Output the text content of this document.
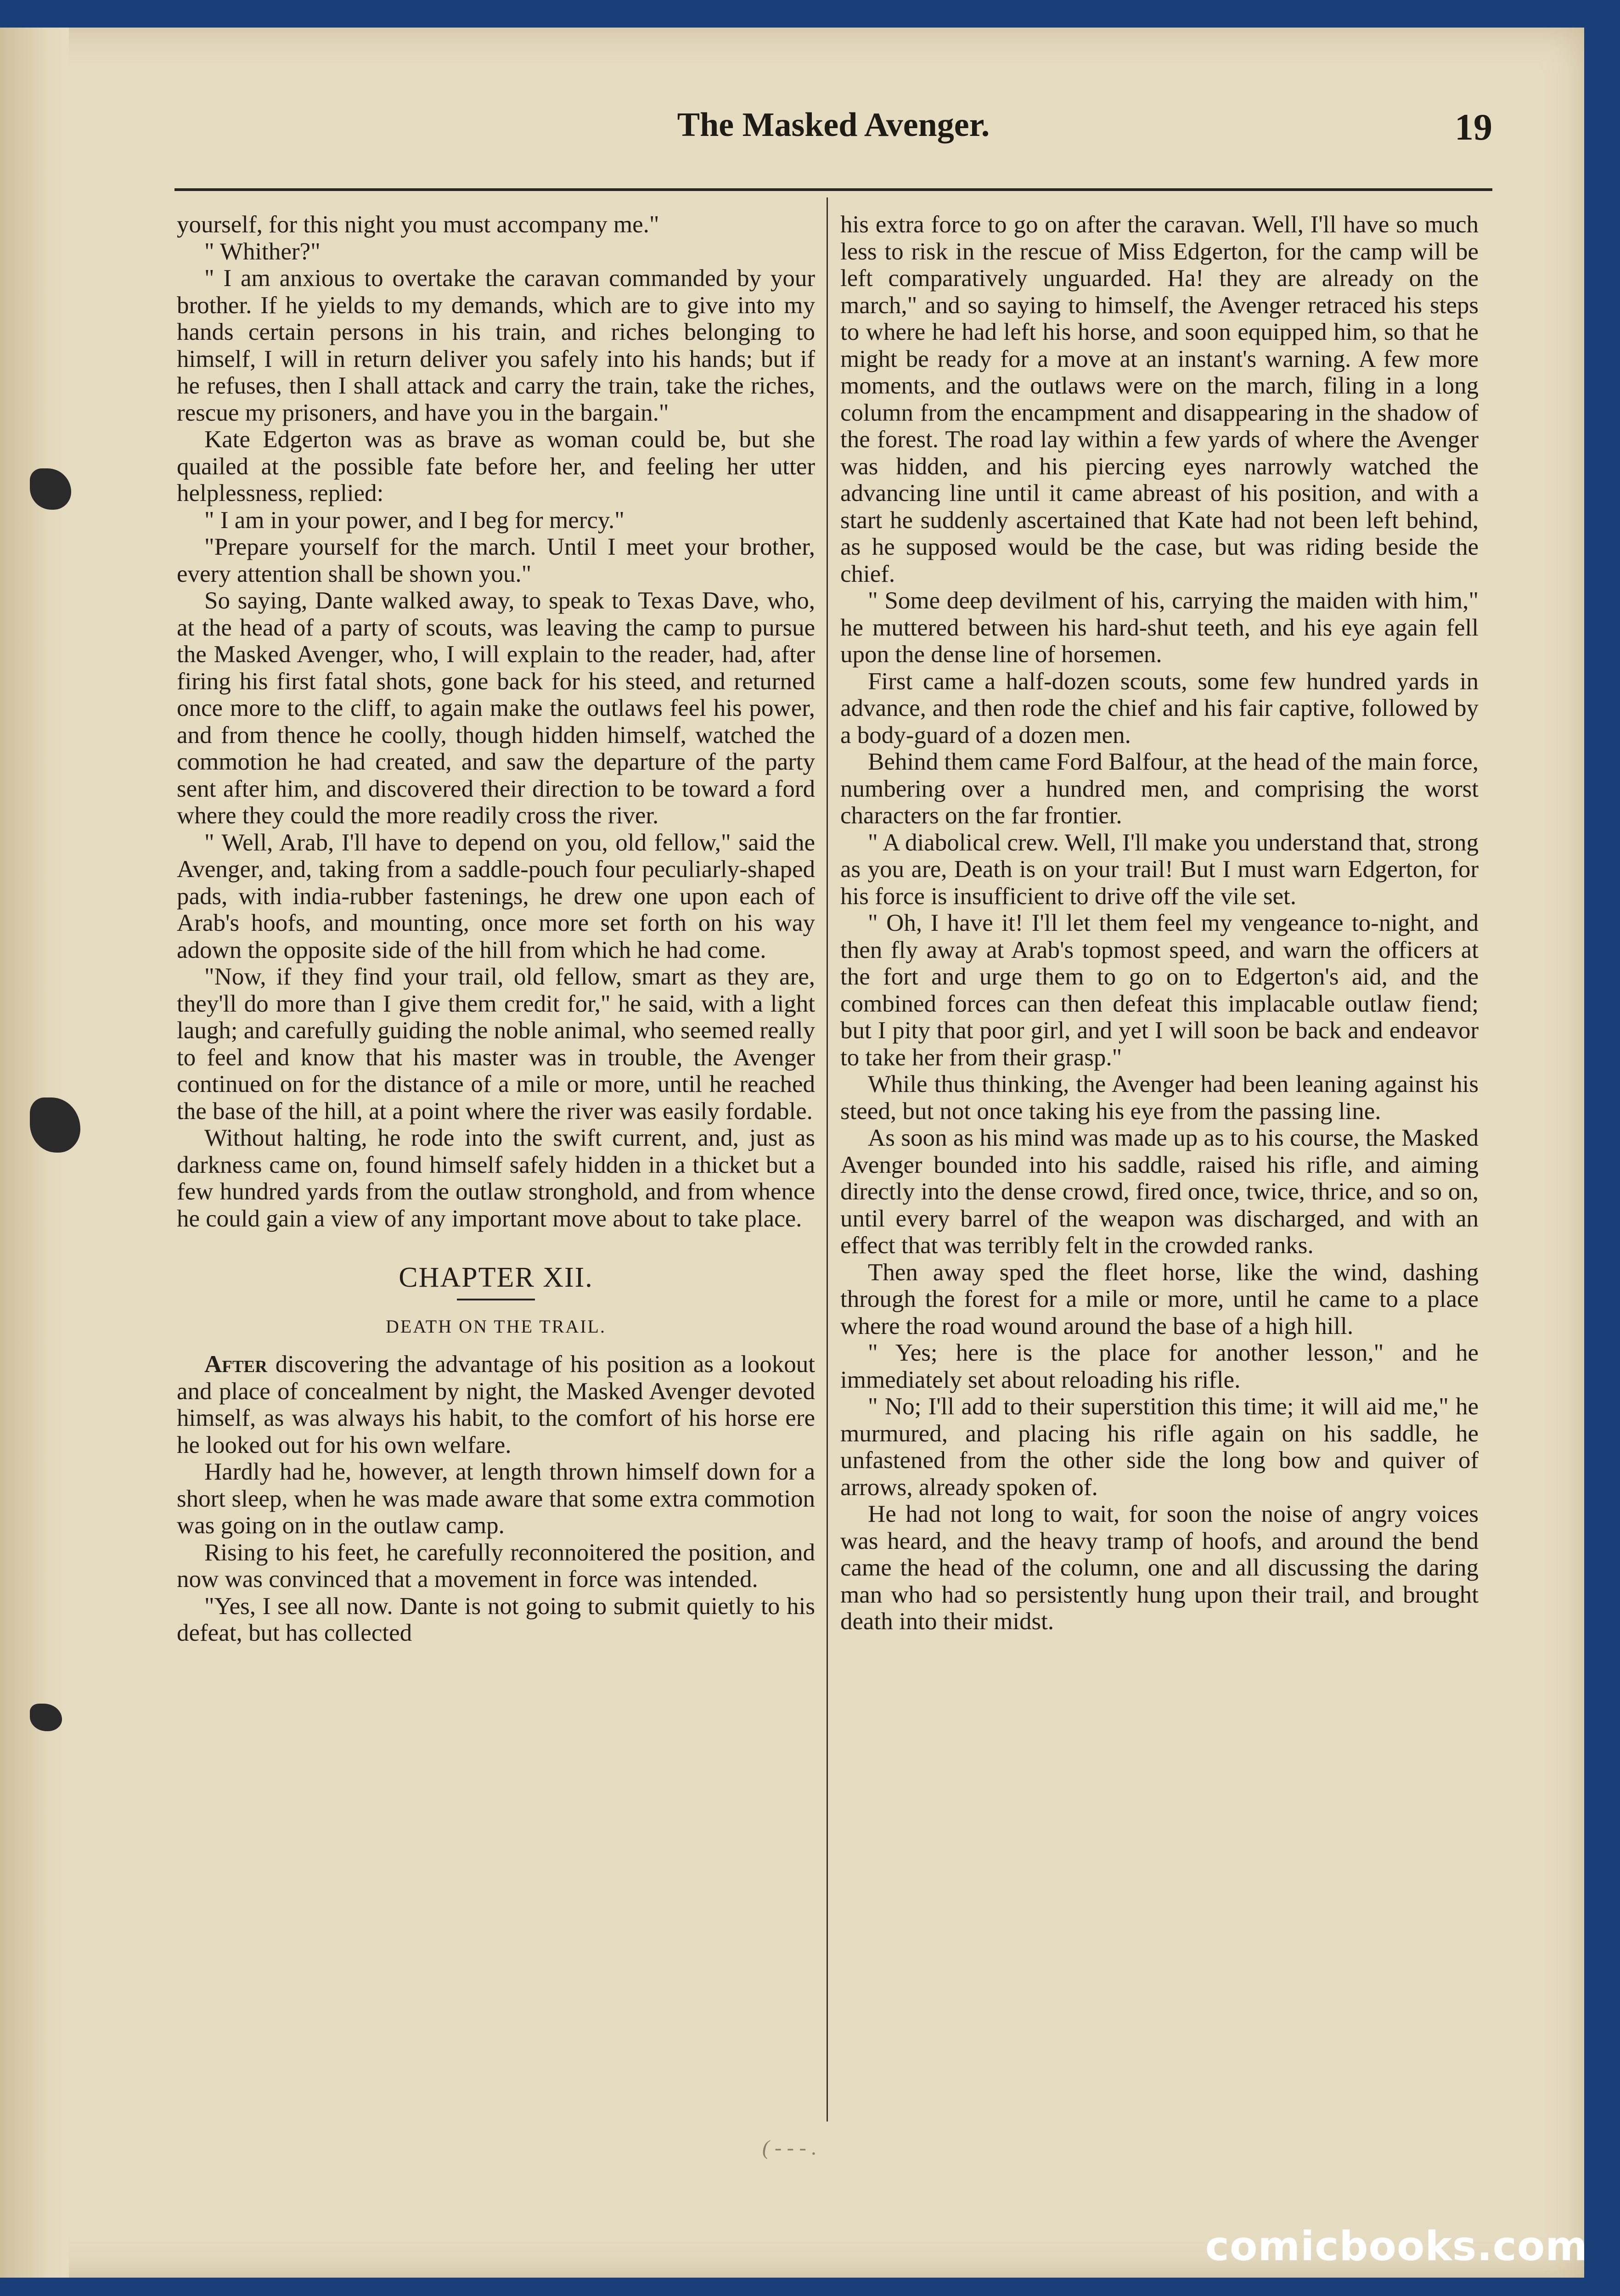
The Masked Avenger.	19

yourself, for this night you must accompany me."

" Whither?"

" I am anxious to overtake the caravan commanded by your brother. If he yields to my demands, which are to give into my hands certain persons in his train, and riches belonging to himself, I will in return deliver you safely into his hands; but if he refuses, then I shall attack and carry the train, take the riches, rescue my prisoners, and have you in the bargain."

Kate Edgerton was as brave as woman could be, but she quailed at the possible fate before her, and feeling her utter helplessness, replied:

" I am in your power, and I beg for mercy."

"Prepare yourself for the march. Until I meet your brother, every attention shall be shown you."

So saying, Dante walked away, to speak to Texas Dave, who, at the head of a party of scouts, was leaving the camp to pursue the Masked Avenger, who, I will explain to the reader, had, after firing his first fatal shots, gone back for his steed, and returned once more to the cliff, to again make the outlaws feel his power, and from thence he coolly, though hidden himself, watched the commotion he had created, and saw the departure of the party sent after him, and discovered their direction to be toward a ford where they could the more readily cross the river.

" Well, Arab, I'll have to depend on you, old fellow," said the Avenger, and, taking from a saddle-pouch four peculiarly-shaped pads, with india-rubber fastenings, he drew one upon each of Arab's hoofs, and mounting, once more set forth on his way adown the opposite side of the hill from which he had come.

"Now, if they find your trail, old fellow, smart as they are, they'll do more than I give them credit for," he said, with a light laugh; and carefully guiding the noble animal, who seemed really to feel and know that his master was in trouble, the Avenger continued on for the distance of a mile or more, until he reached the base of the hill, at a point where the river was easily fordable.

Without halting, he rode into the swift current, and, just as darkness came on, found himself safely hidden in a thicket but a few hundred yards from the outlaw stronghold, and from whence he could gain a view of any important move about to take place.

CHAPTER XII.
DEATH ON THE TRAIL.

After discovering the advantage of his position as a lookout and place of concealment by night, the Masked Avenger devoted himself, as was always his habit, to the comfort of his horse ere he looked out for his own welfare.

Hardly had he, however, at length thrown himself down for a short sleep, when he was made aware that some extra commotion was going on in the outlaw camp.

Rising to his feet, he carefully reconnoitered the position, and now was convinced that a movement in force was intended.

"Yes, I see all now. Dante is not going to submit quietly to his defeat, but has collected

his extra force to go on after the caravan. Well, I'll have so much less to risk in the rescue of Miss Edgerton, for the camp will be left comparatively unguarded. Ha! they are already on the march," and so saying to himself, the Avenger retraced his steps to where he had left his horse, and soon equipped him, so that he might be ready for a move at an instant's warning. A few more moments, and the outlaws were on the march, filing in a long column from the encampment and disappearing in the shadow of the forest. The road lay within a few yards of where the Avenger was hidden, and his piercing eyes narrowly watched the advancing line until it came abreast of his position, and with a start he suddenly ascertained that Kate had not been left behind, as he supposed would be the case, but was riding beside the chief.

" Some deep devilment of his, carrying the maiden with him," he muttered between his hard-shut teeth, and his eye again fell upon the dense line of horsemen.

First came a half-dozen scouts, some few hundred yards in advance, and then rode the chief and his fair captive, followed by a body-guard of a dozen men.

Behind them came Ford Balfour, at the head of the main force, numbering over a hundred men, and comprising the worst characters on the far frontier.

" A diabolical crew. Well, I'll make you understand that, strong as you are, Death is on your trail! But I must warn Edgerton, for his force is insufficient to drive off the vile set.

" Oh, I have it! I'll let them feel my vengeance to-night, and then fly away at Arab's topmost speed, and warn the officers at the fort and urge them to go on to Edgerton's aid, and the combined forces can then defeat this implacable outlaw fiend; but I pity that poor girl, and yet I will soon be back and endeavor to take her from their grasp."

While thus thinking, the Avenger had been leaning against his steed, but not once taking his eye from the passing line.

As soon as his mind was made up as to his course, the Masked Avenger bounded into his saddle, raised his rifle, and aiming directly into the dense crowd, fired once, twice, thrice, and so on, until every barrel of the weapon was discharged, and with an effect that was terribly felt in the crowded ranks.

Then away sped the fleet horse, like the wind, dashing through the forest for a mile or more, until he came to a place where the road wound around the base of a high hill.

" Yes; here is the place for another lesson," and he immediately set about reloading his rifle.

" No; I'll add to their superstition this time; it will aid me," he murmured, and placing his rifle again on his saddle, he unfastened from the other side the long bow and quiver of arrows, already spoken of.

He had not long to wait, for soon the noise of angry voices was heard, and the heavy tramp of hoofs, and around the bend came the head of the column, one and all discussing the daring man who had so persistently hung upon their trail, and brought death into their midst.

( - - - .
comicbooks.com
